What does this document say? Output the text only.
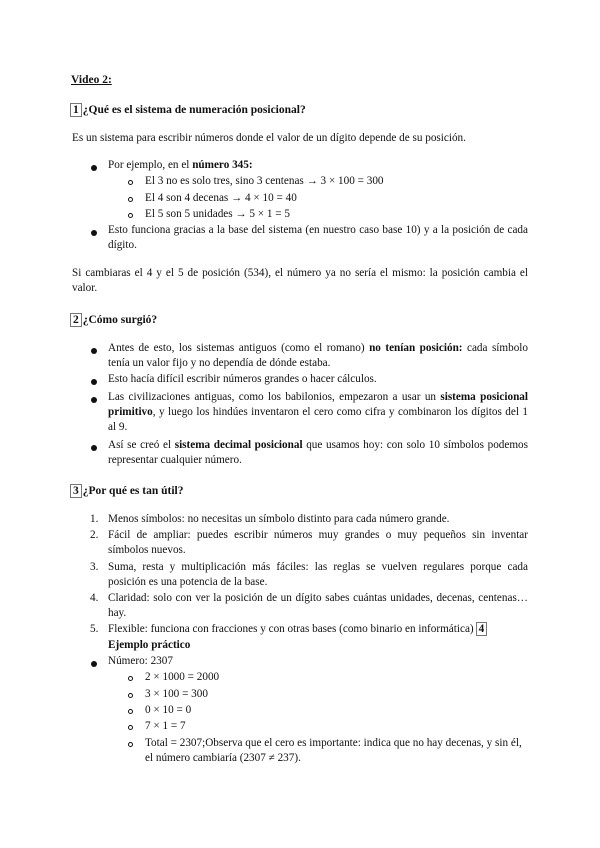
Video 2:
1 ¿Qué es el sistema de numeración posicional?
Es un sistema para escribir números donde el valor de un dígito depende de su posición.
Por ejemplo, en el número 345:
El 3 no es solo tres, sino 3 centenas → 3 × 100 = 300
El 4 son 4 decenas → 4 × 10 = 40
El 5 son 5 unidades → 5 × 1 = 5
Esto funciona gracias a la base del sistema (en nuestro caso base 10) y a la posición de cada dígito.
Si cambiaras el 4 y el 5 de posición (534), el número ya no sería el mismo: la posición cambia el valor.
2 ¿Cómo surgió?
Antes de esto, los sistemas antiguos (como el romano) no tenían posición: cada símbolo tenía un valor fijo y no dependía de dónde estaba.
Esto hacía difícil escribir números grandes o hacer cálculos.
Las civilizaciones antiguas, como los babilonios, empezaron a usar un sistema posicional primitivo, y luego los hindúes inventaron el cero como cifra y combinaron los dígitos del 1 al 9.
Así se creó el sistema decimal posicional que usamos hoy: con solo 10 símbolos podemos representar cualquier número.
3 ¿Por qué es tan útil?
1. Menos símbolos: no necesitas un símbolo distinto para cada número grande.
2. Fácil de ampliar: puedes escribir números muy grandes o muy pequeños sin inventar símbolos nuevos.
3. Suma, resta y multiplicación más fáciles: las reglas se vuelven regulares porque cada posición es una potencia de la base.
4. Claridad: solo con ver la posición de un dígito sabes cuántas unidades, decenas, centenas… hay.
5. Flexible: funciona con fracciones y con otras bases (como binario en informática) 4
Ejemplo práctico
Número: 2307
2 × 1000 = 2000
3 × 100 = 300
0 × 10 = 0
7 × 1 = 7
Total = 2307;Observa que el cero es importante: indica que no hay decenas, y sin él, el número cambiaría (2307 ≠ 237).
